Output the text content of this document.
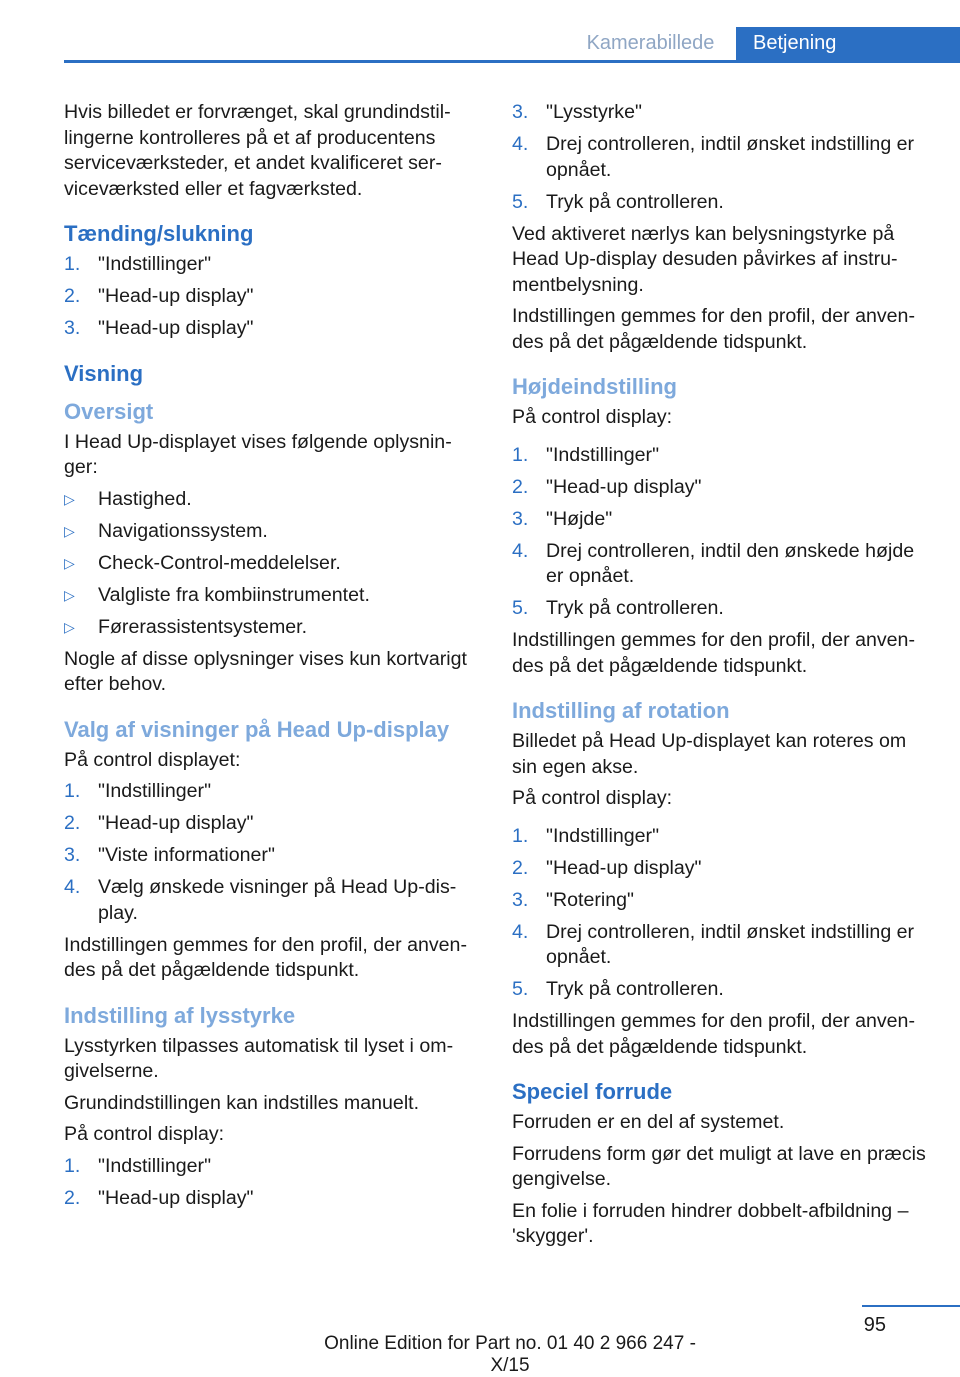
Kamerabillede	Betjening

Hvis billedet er forvrænget, skal grundindstillingerne kontrolleres på et af producentens serviceværksteder, et andet kvalificeret serviceværksted eller et fagværksted.

Tænding/slukning
1. "Indstillinger"
2. "Head-up display"
3. "Head-up display"
Visning
Oversigt

I Head Up-displayet vises følgende oplysninger:

▷ Hastighed.
▷ Navigationssystem.
▷ Check-Control-meddelelser.
▷ Valgliste fra kombiinstrumentet.
▷ Førerassistentsystemer.

Nogle af disse oplysninger vises kun kortvarigt efter behov.

Valg af visninger på Head Up-display

På control displayet:

1. "Indstillinger"
2. "Head-up display"
3. "Viste informationer"
4. Vælg ønskede visninger på Head Up-display.

Indstillingen gemmes for den profil, der anvendes på det pågældende tidspunkt.

Indstilling af lysstyrke

Lysstyrken tilpasses automatisk til lyset i omgivelserne.

Grundindstillingen kan indstilles manuelt.

På control display:

1. "Indstillinger"
2. "Head-up display"
3. "Lysstyrke"
4. Drej controlleren, indtil ønsket indstilling er opnået.
5. Tryk på controlleren.

Ved aktiveret nærlys kan belysningstyrke på Head Up-display desuden påvirkes af instrumentbelysning.

Indstillingen gemmes for den profil, der anvendes på det pågældende tidspunkt.

Højdeindstilling

På control display:

1. "Indstillinger"
2. "Head-up display"
3. "Højde"
4. Drej controlleren, indtil den ønskede højde er opnået.
5. Tryk på controlleren.

Indstillingen gemmes for den profil, der anvendes på det pågældende tidspunkt.

Indstilling af rotation

Billedet på Head Up-displayet kan roteres om sin egen akse.

På control display:

1. "Indstillinger"
2. "Head-up display"
3. "Rotering"
4. Drej controlleren, indtil ønsket indstilling er opnået.
5. Tryk på controlleren.

Indstillingen gemmes for den profil, der anvendes på det pågældende tidspunkt.

Speciel forrude

Forruden er en del af systemet.

Forrudens form gør det muligt at lave en præcis gengivelse.

En folie i forruden hindrer dobbelt-afbildning – 'skygger'.

95
Online Edition for Part no. 01 40 2 966 247 - X/15
